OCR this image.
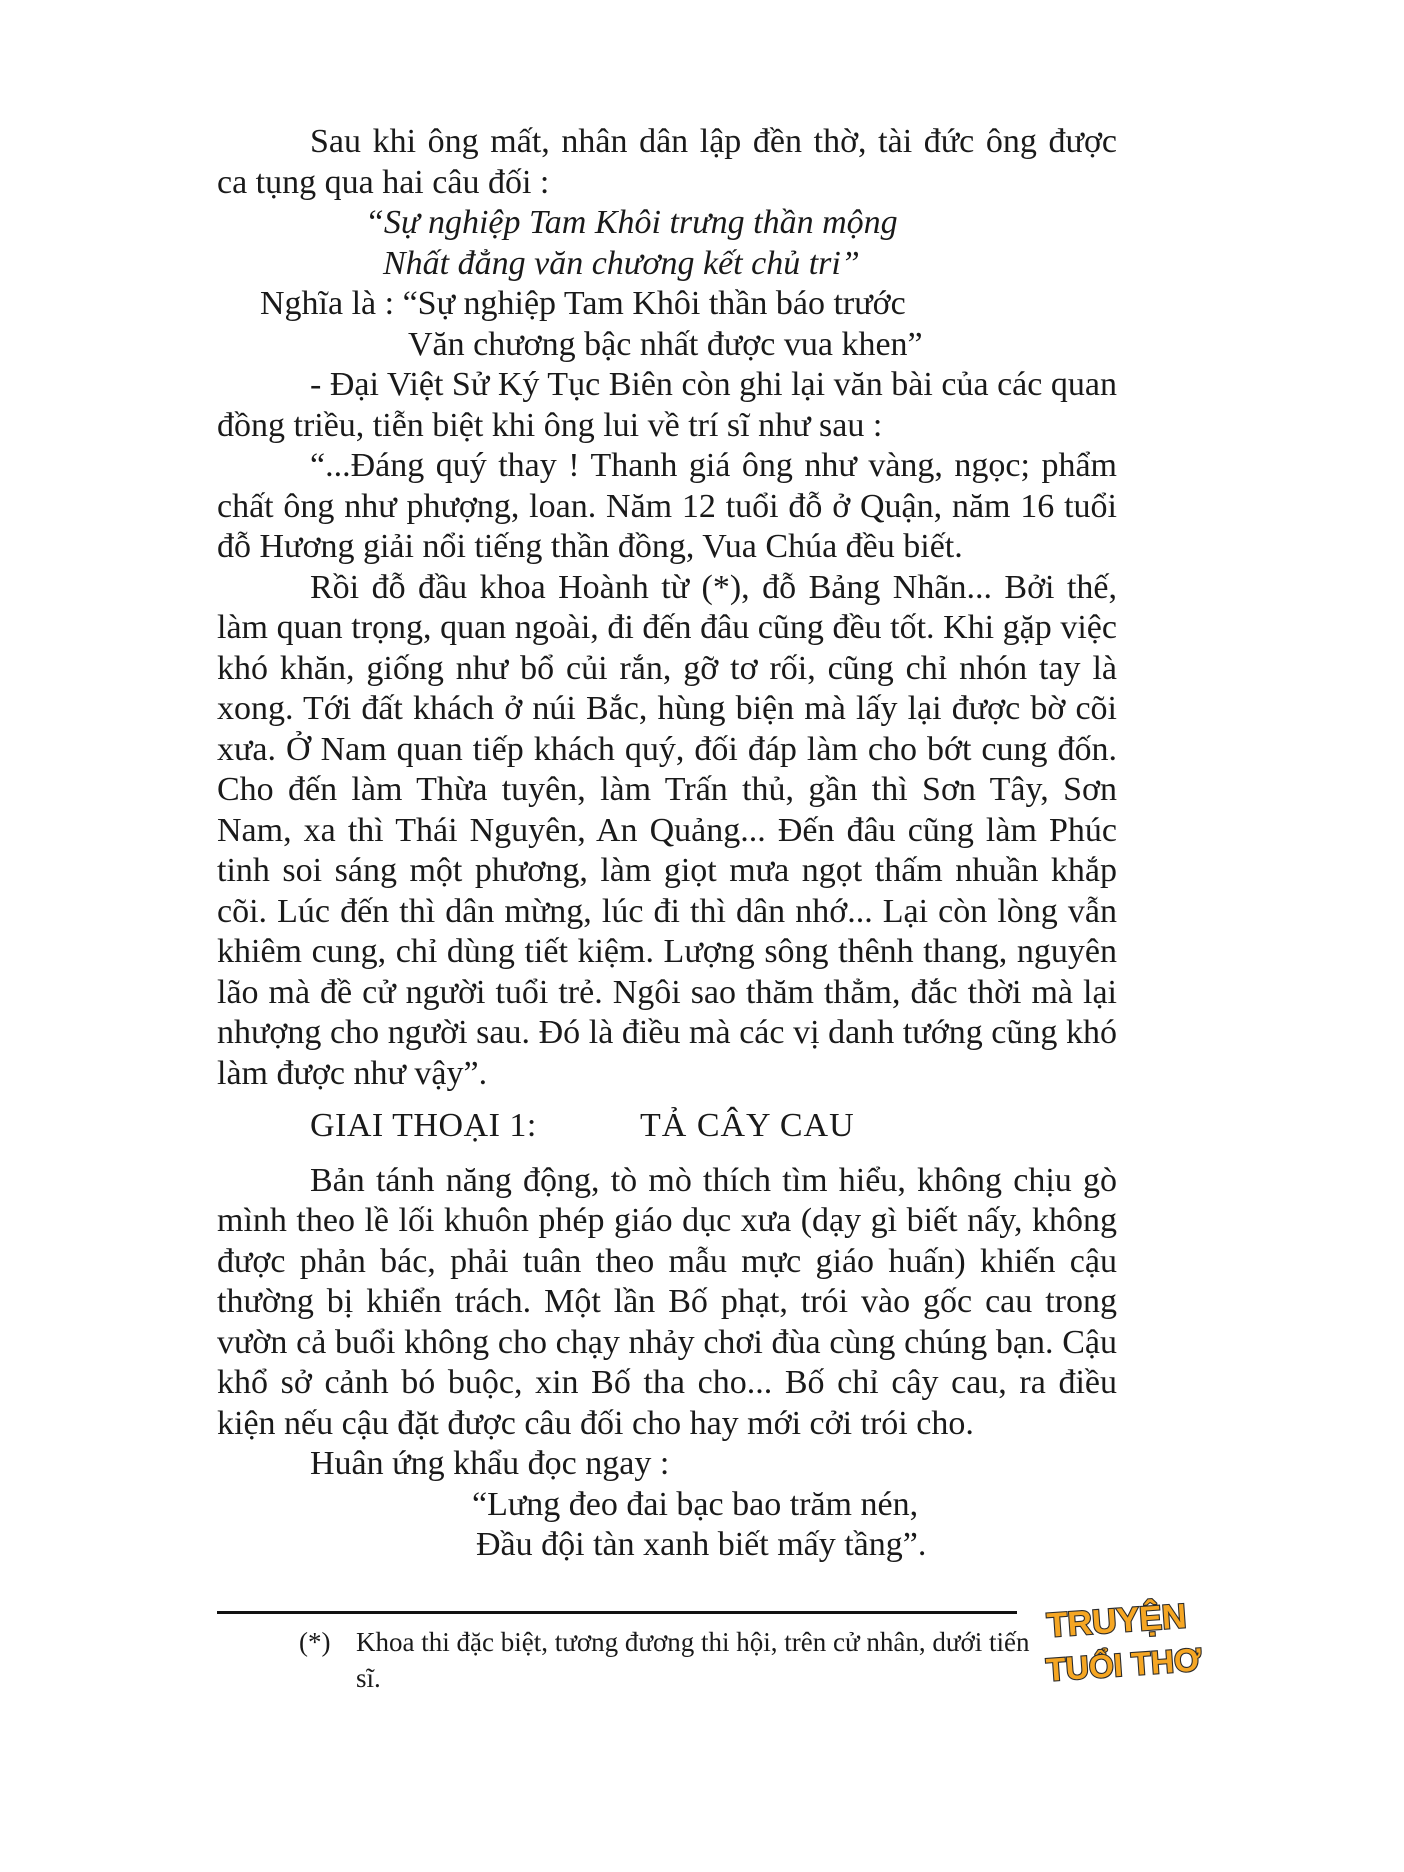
Sau khi ông mất, nhân dân lập đền thờ, tài đức ông được ca tụng qua hai câu đối :

“Sự nghiệp Tam Khôi trưng thần mộng

Nhất đẳng văn chương kết chủ tri”

Nghĩa là : “Sự nghiệp Tam Khôi thần báo trước

Văn chương bậc nhất được vua khen”

- Đại Việt Sử Ký Tục Biên còn ghi lại văn bài của các quan đồng triều, tiễn biệt khi ông lui về trí sĩ như sau :

“...Đáng quý thay ! Thanh giá ông như vàng, ngọc; phẩm chất ông như phượng, loan. Năm 12 tuổi đỗ ở Quận, năm 16 tuổi đỗ Hương giải nổi tiếng thần đồng, Vua Chúa đều biết.

Rồi đỗ đầu khoa Hoành từ (*), đỗ Bảng Nhãn... Bởi thế, làm quan trọng, quan ngoài, đi đến đâu cũng đều tốt. Khi gặp việc khó khăn, giống như bổ củi rắn, gỡ tơ rối, cũng chỉ nhón tay là xong. Tới đất khách ở núi Bắc, hùng biện mà lấy lại được bờ cõi xưa. Ở Nam quan tiếp khách quý, đối đáp làm cho bớt cung đốn. Cho đến làm Thừa tuyên, làm Trấn thủ, gần thì Sơn Tây, Sơn Nam, xa thì Thái Nguyên, An Quảng... Đến đâu cũng làm Phúc tinh soi sáng một phương, làm giọt mưa ngọt thấm nhuần khắp cõi. Lúc đến thì dân mừng, lúc đi thì dân nhớ... Lại còn lòng vẫn khiêm cung, chỉ dùng tiết kiệm. Lượng sông thênh thang, nguyên lão mà đề cử người tuổi trẻ. Ngôi sao thăm thẳm, đắc thời mà lại nhượng cho người sau. Đó là điều mà các vị danh tướng cũng khó làm được như vậy”.

GIAI THOẠI 1:	TẢ CÂY CAU

Bản tánh năng động, tò mò thích tìm hiểu, không chịu gò mình theo lề lối khuôn phép giáo dục xưa (dạy gì biết nấy, không được phản bác, phải tuân theo mẫu mực giáo huấn) khiến cậu thường bị khiển trách. Một lần Bố phạt, trói vào gốc cau trong vườn cả buổi không cho chạy nhảy chơi đùa cùng chúng bạn. Cậu khổ sở cảnh bó buộc, xin Bố tha cho... Bố chỉ cây cau, ra điều kiện nếu cậu đặt được câu đối cho hay mới cởi trói cho.

Huân ứng khẩu đọc ngay :

“Lưng đeo đai bạc bao trăm nén,

Đầu đội tàn xanh biết mấy tầng”.

(*) Khoa thi đặc biệt, tương đương thi hội, trên cử nhân, dưới tiến sĩ.
TRUYỆN
TUỔI THƠ
